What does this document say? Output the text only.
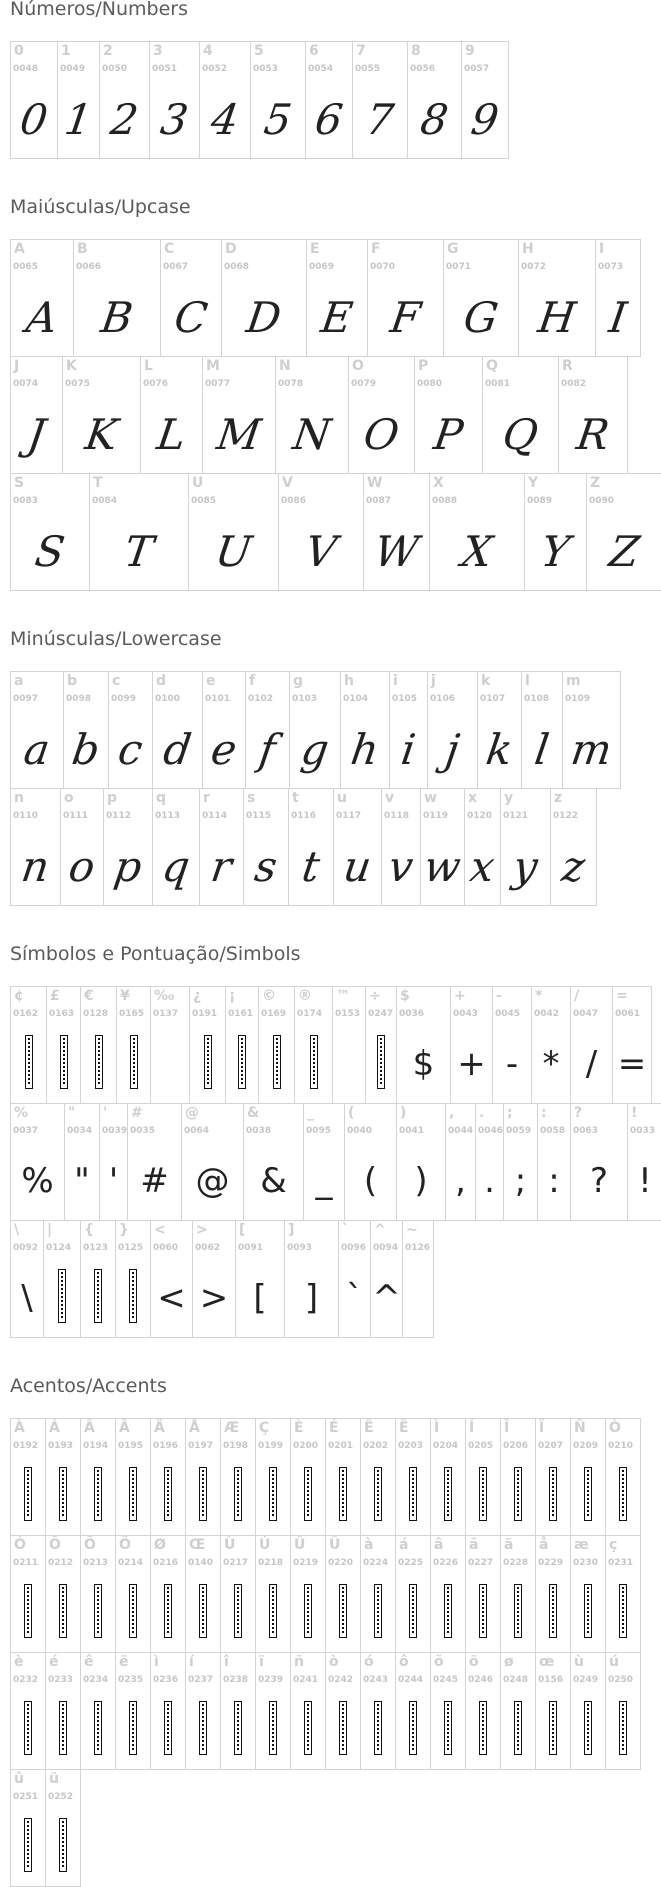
Números/Numbers
0
0048
0
1
0049
1
2
0050
2
3
0051
3
4
0052
4
5
0053
5
6
0054
6
7
0055
7
8
0056
8
9
0057
9
Maiúsculas/Upcase
A
0065
A
B
0066
B
C
0067
C
D
0068
D
E
0069
E
F
0070
F
G
0071
G
H
0072
H
I
0073
I
J
0074
J
K
0075
K
L
0076
L
M
0077
M
N
0078
N
O
0079
O
P
0080
P
Q
0081
Q
R
0082
R
S
0083
S
T
0084
T
U
0085
U
V
0086
V
W
0087
W
X
0088
X
Y
0089
Y
Z
0090
Z
Minúsculas/Lowercase
a
0097
a
b
0098
b
c
0099
c
d
0100
d
e
0101
e
f
0102
f
g
0103
g
h
0104
h
i
0105
i
j
0106
j
k
0107
k
l
0108
l
m
0109
m
n
0110
n
o
0111
o
p
0112
p
q
0113
q
r
0114
r
s
0115
s
t
0116
t
u
0117
u
v
0118
v
w
0119
w
x
0120
x
y
0121
y
z
0122
z
Símbolos e Pontuação/Simbols
¢
0162
£
0163
€
0128
¥
0165
‰
0137
¿
0191
¡
0161
©
0169
®
0174
™
0153
÷
0247
$
0036
$
+
0043
+
-
0045
-
*
0042
*
/
0047
/
=
0061
=
%
0037
%
"
0034
"
'
0039
'
#
0035
#
@
0064
@
&
0038
&
_
0095
_
(
0040
(
)
0041
)
,
0044
,
.
0046
.
;
0059
;
:
0058
:
?
0063
?
!
0033
!
\
0092
\
|
0124
{
0123
}
0125
<
0060
<
>
0062
>
[
0091
[
]
0093
]
`
0096
`
^
0094
^
~
0126
Acentos/Accents
À
0192
Á
0193
Â
0194
Ã
0195
Ä
0196
Å
0197
Æ
0198
Ç
0199
È
0200
É
0201
Ê
0202
Ë
0203
Ì
0204
Í
0205
Î
0206
Ï
0207
Ñ
0209
Ò
0210
Ó
0211
Ô
0212
Õ
0213
Ö
0214
Ø
0216
Œ
0140
Ù
0217
Ú
0218
Û
0219
Ü
0220
à
0224
á
0225
â
0226
ã
0227
ä
0228
å
0229
æ
0230
ç
0231
è
0232
é
0233
ê
0234
ë
0235
ì
0236
í
0237
î
0238
ï
0239
ñ
0241
ò
0242
ó
0243
ô
0244
õ
0245
ö
0246
ø
0248
œ
0156
ù
0249
ú
0250
û
0251
ü
0252
